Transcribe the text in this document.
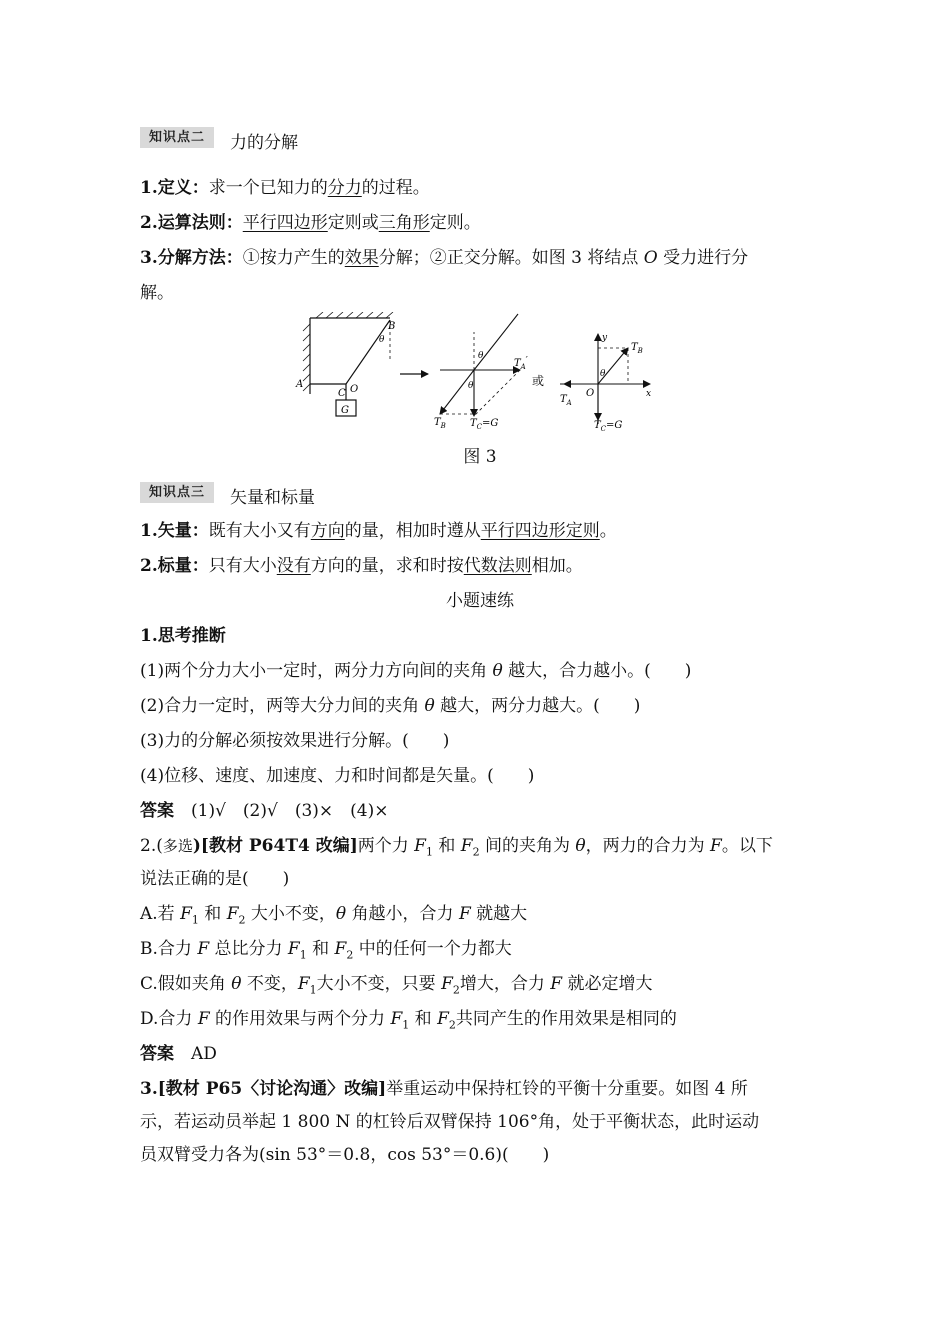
知识点二	力的分解
1.定义：求一个已知力的分力的过程。
2.运算法则：平行四边形定则或三角形定则。
3.分解方法：①按力产生的效果分解；②正交分解。如图 3 将结点 O 受力进行分
解。
B
θ
A
C O
G
θ
θ
$T_A'$
$T_B$ $T_C=G$
或
y
x
$T_B$
θ
O
$T_A$
$T_C=G$
图 3
知识点三	矢量和标量
1.矢量：既有大小又有方向的量，相加时遵从平行四边形定则。
2.标量：只有大小没有方向的量，求和时按代数法则相加。
小题速练
1.思考推断
(1)两个分力大小一定时，两分力方向间的夹角 θ 越大，合力越小。(　　)
(2)合力一定时，两等大分力间的夹角 θ 越大，两分力越大。(　　)
(3)力的分解必须按效果进行分解。(　　)
(4)位移、速度、加速度、力和时间都是矢量。(　　)
答案　 (1)√　(2)√　(3)×　(4)×
2.(多选)[教材 P64T4 改编]两个力 $F_1$ 和 $F_2$ 间的夹角为 θ，两力的合力为 F。以下
说法正确的是(　　)
A.若 $F_1$ 和 $F_2$ 大小不变，θ 角越小，合力 F 就越大
B.合力 F 总比分力 $F_1$ 和 $F_2$ 中的任何一个力都大
C.假如夹角 θ 不变，$F_1$大小不变，只要 $F_2$增大，合力 F 就必定增大
D.合力 F 的作用效果与两个分力 $F_1$ 和 $F_2$共同产生的作用效果是相同的
答案　 AD
3.[教材 P65〈讨论沟通〉改编]举重运动中保持杠铃的平衡十分重要。如图 4 所
示，若运动员举起 1 800 N 的杠铃后双臂保持 106°角，处于平衡状态，此时运动
员双臂受力各为(sin 53°＝0.8，cos 53°＝0.6)(　　)
